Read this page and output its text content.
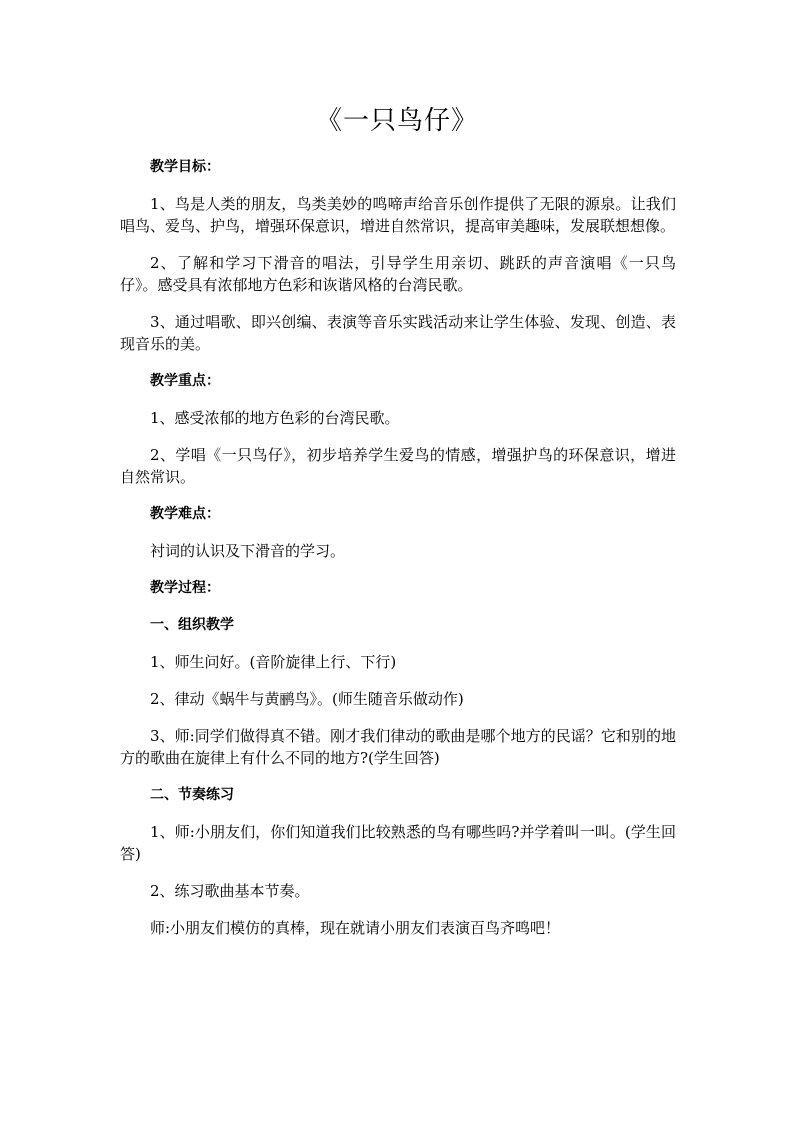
《一只鸟仔》
教学目标：

1、鸟是人类的朋友，鸟类美妙的鸣啼声给音乐创作提供了无限的源泉。让我们唱鸟、爱鸟、护鸟，增强环保意识，增进自然常识，提高审美趣味，发展联想想像。

2、了解和学习下滑音的唱法，引导学生用亲切、跳跃的声音演唱《一只鸟仔》。感受具有浓郁地方色彩和诙谐风格的台湾民歌。

3、通过唱歌、即兴创编、表演等音乐实践活动来让学生体验、发现、创造、表现音乐的美。

教学重点：

1、感受浓郁的地方色彩的台湾民歌。

2、学唱《一只鸟仔》，初步培养学生爱鸟的情感，增强护鸟的环保意识，增进自然常识。

教学难点：

衬词的认识及下滑音的学习。

教学过程：
一、组织教学

1、师生问好。(音阶旋律上行、下行)

2、律动《蜗牛与黄鹂鸟》。(师生随音乐做动作)

3、师:同学们做得真不错。刚才我们律动的歌曲是哪个地方的民谣？它和别的地方的歌曲在旋律上有什么不同的地方?(学生回答)

二、节奏练习

1、师:小朋友们，你们知道我们比较熟悉的鸟有哪些吗?并学着叫一叫。(学生回答)

2、练习歌曲基本节奏。

师:小朋友们模仿的真棒，现在就请小朋友们表演百鸟齐鸣吧！
